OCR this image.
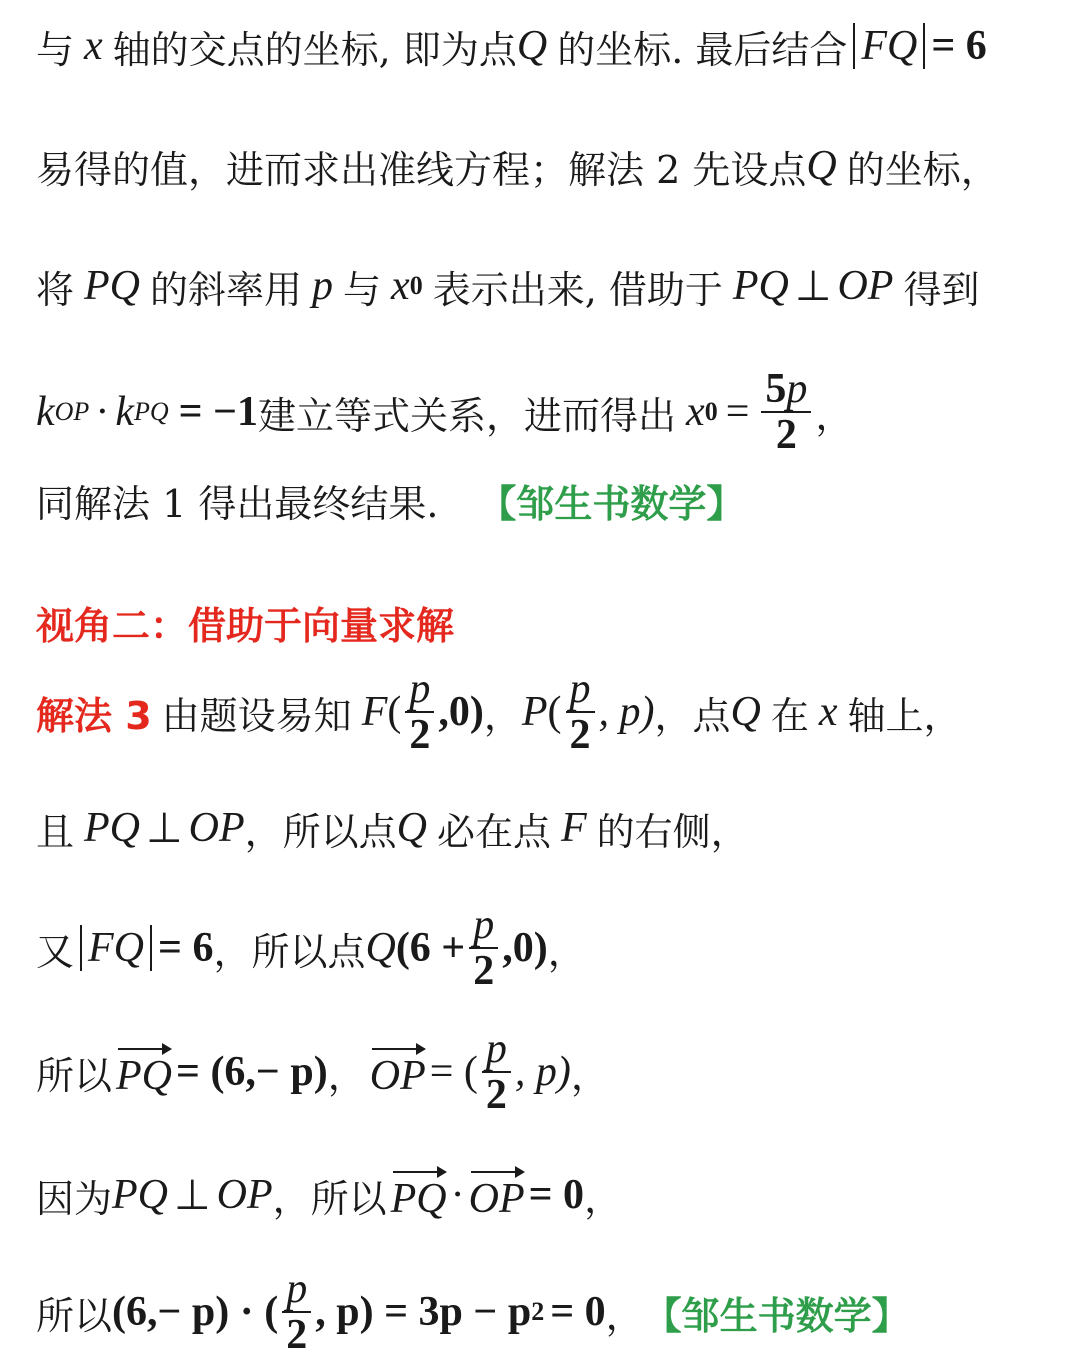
与 x 轴的交点的坐标, 即为点 Q 的坐标. 最后结合 FQ = 6
易得的值，进而求出准线方程；解法 2 先设点 Q 的坐标，
将 PQ 的斜率用 p 与 x 0 表示出来, 借助于 PQ ⊥ OP 得到
k OP · k PQ = −1 建立等式关系，进而得出 x $0 = \frac{5p}{2}$ ，
同解法 1 得出最终结果. 【邹生书数学】
视角二：借助于向量求解
解法 3 由题设易知 F ( $\frac{p}{2} ,0$) ， P ( $\frac{p}{2}$ , p) ，点 Q 在 x 轴上，
且 PQ ⊥ OP ，所以点 Q 必在点 F 的右侧，
又 FQ = 6 ，所以点 Q $(6 + \frac{p}{2} ,0)$ ，
所以 PQ = (6,− p) ， OP = ( $\frac{p}{2}$ , p) ，
因为 PQ ⊥ OP ，所以 PQ · OP = 0 ，
所以 (6,− p) · ( $\frac{p}{2}$ , p) = 3p − p 2 = 0 ， 【邹生书数学】
